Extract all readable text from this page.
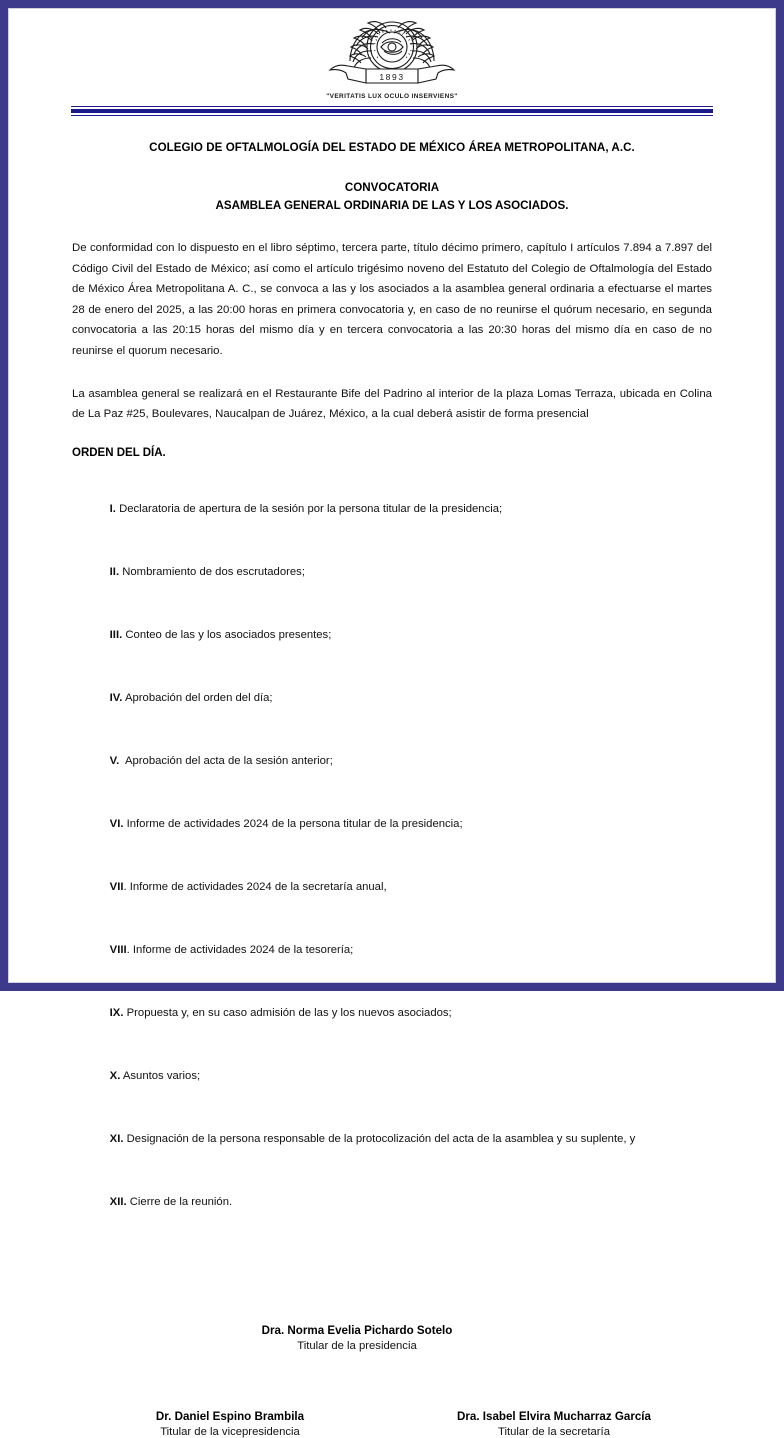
1893
"VERITATIS LUX OCULO INSERVIENS"
COLEGIO DE OFTALMOLOGÍA DEL ESTADO DE MÉXICO ÁREA METROPOLITANA, A.C.
CONVOCATORIA
ASAMBLEA GENERAL ORDINARIA DE LAS Y LOS ASOCIADOS.

De conformidad con lo dispuesto en el libro séptimo, tercera parte, título décimo primero, capítulo I artículos 7.894 a 7.897 del Código Civil del Estado de México; así como el artículo trigésimo noveno del Estatuto del Colegio de Oftalmología del Estado de México Área Metropolitana A. C., se convoca a las y los asociados a la asamblea general ordinaria a efectuarse el martes 28 de enero del 2025, a las 20:00 horas en primera convocatoria y, en caso de no reunirse el quórum necesario, en segunda convocatoria a las 20:15 horas del mismo día y en tercera convocatoria a las 20:30 horas del mismo día en caso de no reunirse el quorum necesario.

La asamblea general se realizará en el Restaurante Bife del Padrino al interior de la plaza Lomas Terraza, ubicada en Colina de La Paz #25, Boulevares, Naucalpan de Juárez, México, a la cual deberá asistir de forma presencial

ORDEN DEL DÍA.

I. Declaratoria de apertura de la sesión por la persona titular de la presidencia;

II. Nombramiento de dos escrutadores;

III. Conteo de las y los asociados presentes;

IV. Aprobación del orden del día;

V.  Aprobación del acta de la sesión anterior;

VI. Informe de actividades 2024 de la persona titular de la presidencia;

VII. Informe de actividades 2024 de la secretaría anual,

VIII. Informe de actividades 2024 de la tesorería;

IX. Propuesta y, en su caso admisión de las y los nuevos asociados;

X. Asuntos varios;

XI. Designación de la persona responsable de la protocolización del acta de la asamblea y su suplente, y

XII. Cierre de la reunión.

Dra. Norma Evelia Pichardo Sotelo
Titular de la presidencia
Dr. Daniel Espino Brambila
Titular de la vicepresidencia
Dra. Isabel Elvira Mucharraz García
Titular de la secretaría
